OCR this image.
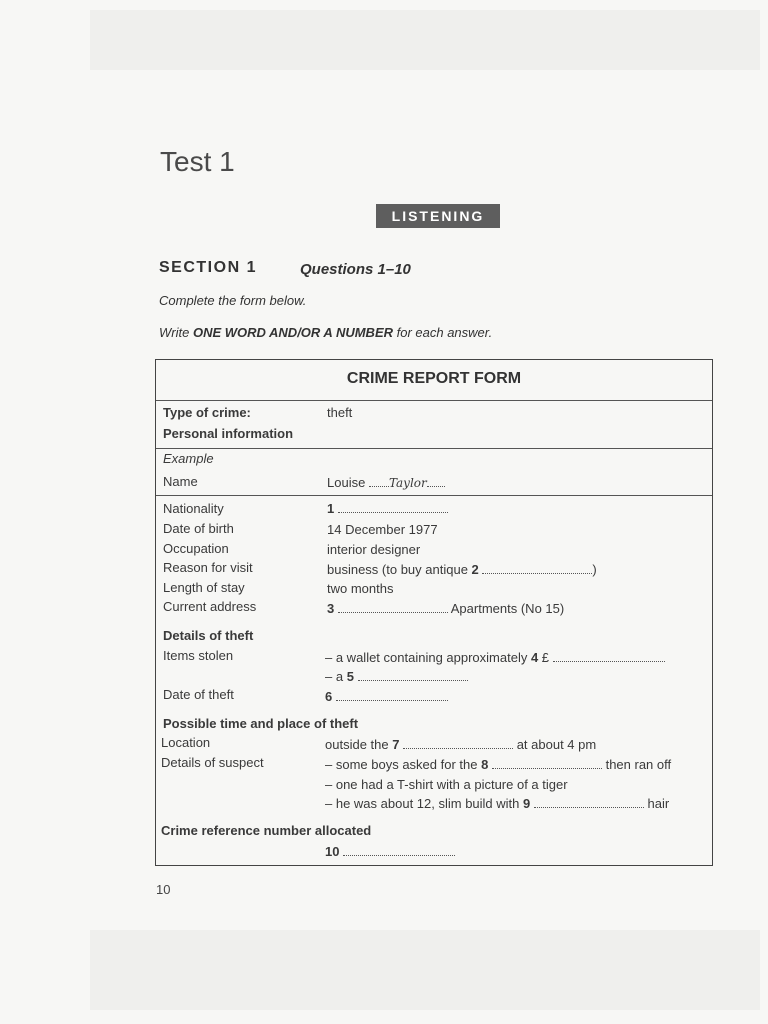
Test 1
LISTENING
SECTION 1	Questions 1–10
Complete the form below.
Write ONE WORD AND/OR A NUMBER for each answer.
CRIME REPORT FORM
Type of crime:	theft
Personal information
Example
Name	Louise Taylor
Nationality	1
Date of birth	14 December 1977
Occupation	interior designer
Reason for visit	business (to buy antique 2	)
Length of stay	two months
Current address	3	Apartments (No 15)
Details of theft
Items stolen	– a wallet containing approximately 4 £
– a 5
Date of theft	6
Possible time and place of theft
Location	outside the 7	at about 4 pm
Details of suspect	– some boys asked for the 8	then ran off
– one had a T-shirt with a picture of a tiger
– he was about 12, slim build with 9	hair
Crime reference number allocated
10
10
